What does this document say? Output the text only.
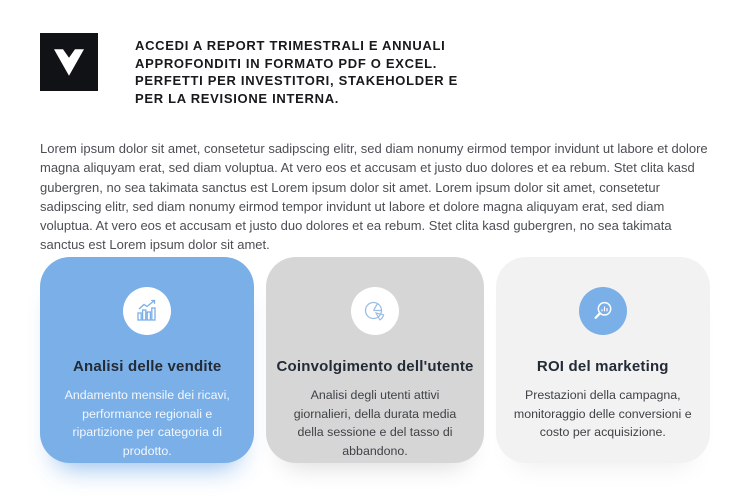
ACCEDI A REPORT TRIMESTRALI E ANNUALI
APPROFONDITI IN FORMATO PDF O EXCEL.
PERFETTI PER INVESTITORI, STAKEHOLDER E
PER LA REVISIONE INTERNA.

Lorem ipsum dolor sit amet, consetetur sadipscing elitr, sed diam nonumy eirmod tempor invidunt ut labore et dolore magna aliquyam erat, sed diam voluptua. At vero eos et accusam et justo duo dolores et ea rebum. Stet clita kasd gubergren, no sea takimata sanctus est Lorem ipsum dolor sit amet. Lorem ipsum dolor sit amet, consetetur sadipscing elitr, sed diam nonumy eirmod tempor invidunt ut labore et dolore magna aliquyam erat, sed diam voluptua. At vero eos et accusam et justo duo dolores et ea rebum. Stet clita kasd gubergren, no sea takimata sanctus est Lorem ipsum dolor sit amet.

Analisi delle vendite
Andamento mensile dei ricavi, performance regionali e ripartizione per categoria di prodotto.
Coinvolgimento dell'utente
Analisi degli utenti attivi giornalieri, della durata media della sessione e del tasso di abbandono.
ROI del marketing
Prestazioni della campagna, monitoraggio delle conversioni e costo per acquisizione.
